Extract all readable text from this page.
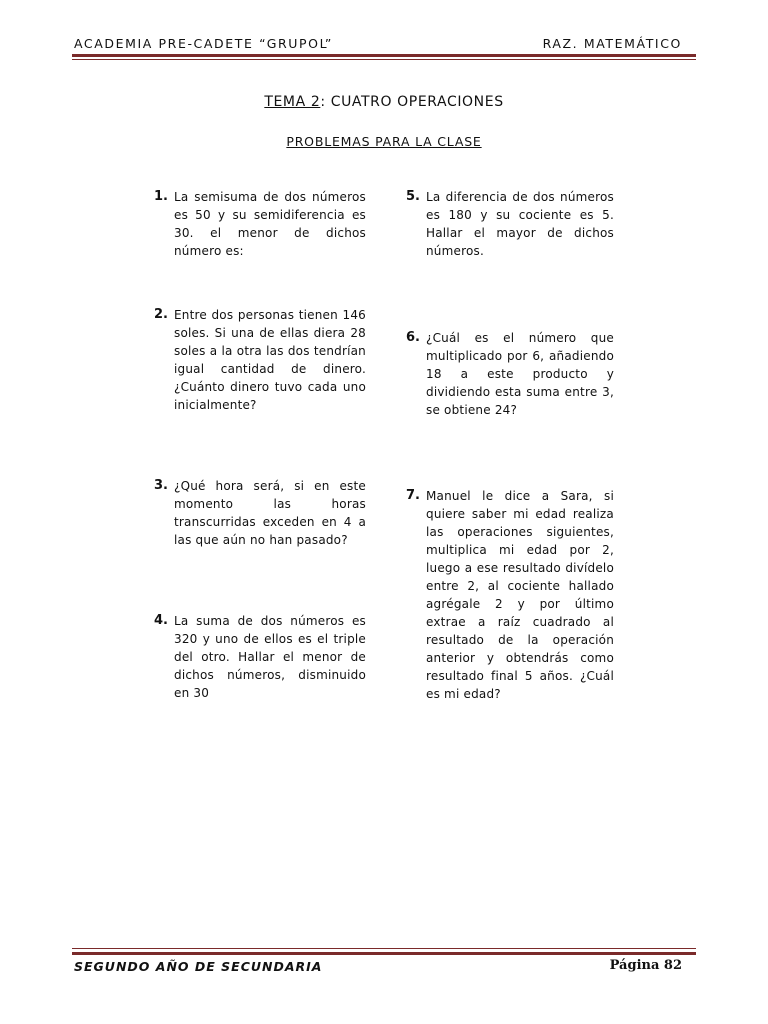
ACADEMIA PRE-CADETE “GRUPOL”	RAZ. MATEMÁTICO
TEMA 2: CUATRO OPERACIONES
PROBLEMAS PARA LA CLASE
1. La semisuma de dos números es 50 y su semidiferencia es 30. el menor de dichos número es:
2. Entre dos personas tienen 146 soles. Si una de ellas diera 28 soles a la otra las dos tendrían igual cantidad de dinero. ¿Cuánto dinero tuvo cada uno inicialmente?
3. ¿Qué hora será, si en este momento las horas transcurridas exceden en 4 a las que aún no han pasado?
4. La suma de dos números es 320 y uno de ellos es el triple del otro. Hallar el menor de dichos números, disminuido en 30
5. La diferencia de dos números es 180 y su cociente es 5. Hallar el mayor de dichos números.
6. ¿Cuál es el número que multiplicado por 6, añadiendo 18 a este producto y dividiendo esta suma entre 3, se obtiene 24?
7. Manuel le dice a Sara, si quiere saber mi edad realiza las operaciones siguientes, multiplica mi edad por 2, luego a ese resultado divídelo entre 2, al cociente hallado agrégale 2 y por último extrae a raíz cuadrado al resultado de la operación anterior y obtendrás como resultado final 5 años. ¿Cuál es mi edad?
SEGUNDO AÑO DE SECUNDARIA	Página 82
